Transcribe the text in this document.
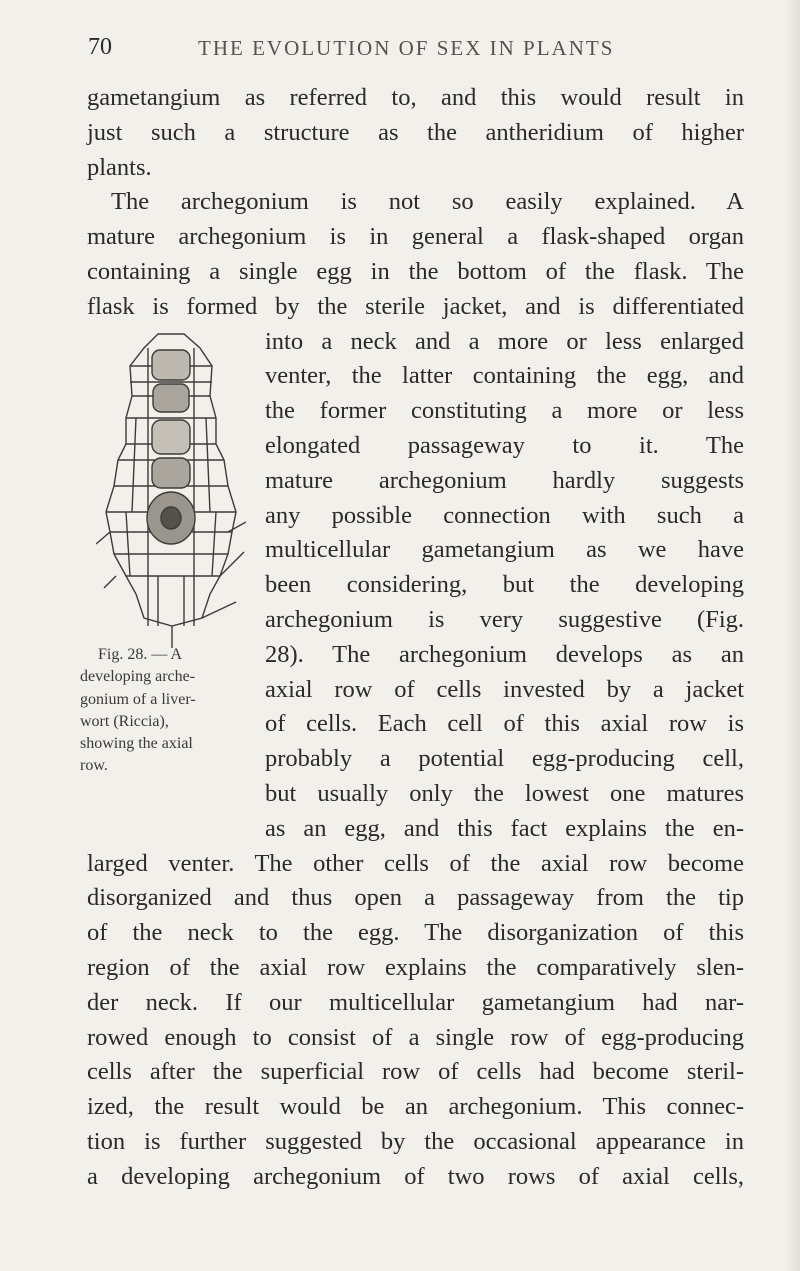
70	THE EVOLUTION OF SEX IN PLANTS
Fig. 28. — A
developing arche-
gonium of a liver-
wort (Riccia),
showing the axial
row.
gametangium as referred to, and this would result in
just such a structure as the antheridium of higher
plants.
The archegonium is not so easily explained. A
mature archegonium is in general a flask-shaped organ
containing a single egg in the bottom of the flask. The
flask is formed by the sterile jacket, and is differentiated
into a neck and a more or less enlarged
venter, the latter containing the egg, and
the former constituting a more or less
elongated passageway to it. The
mature archegonium hardly suggests
any possible connection with such a
multicellular gametangium as we have
been considering, but the developing
archegonium is very suggestive (Fig.
28). The archegonium develops as an
axial row of cells invested by a jacket
of cells. Each cell of this axial row is
probably a potential egg-producing cell,
but usually only the lowest one matures
as an egg, and this fact explains the en-
larged venter. The other cells of the axial row become
disorganized and thus open a passageway from the tip
of the neck to the egg. The disorganization of this
region of the axial row explains the comparatively slen-
der neck. If our multicellular gametangium had nar-
rowed enough to consist of a single row of egg-producing
cells after the superficial row of cells had become steril-
ized, the result would be an archegonium. This connec-
tion is further suggested by the occasional appearance in
a developing archegonium of two rows of axial cells,
